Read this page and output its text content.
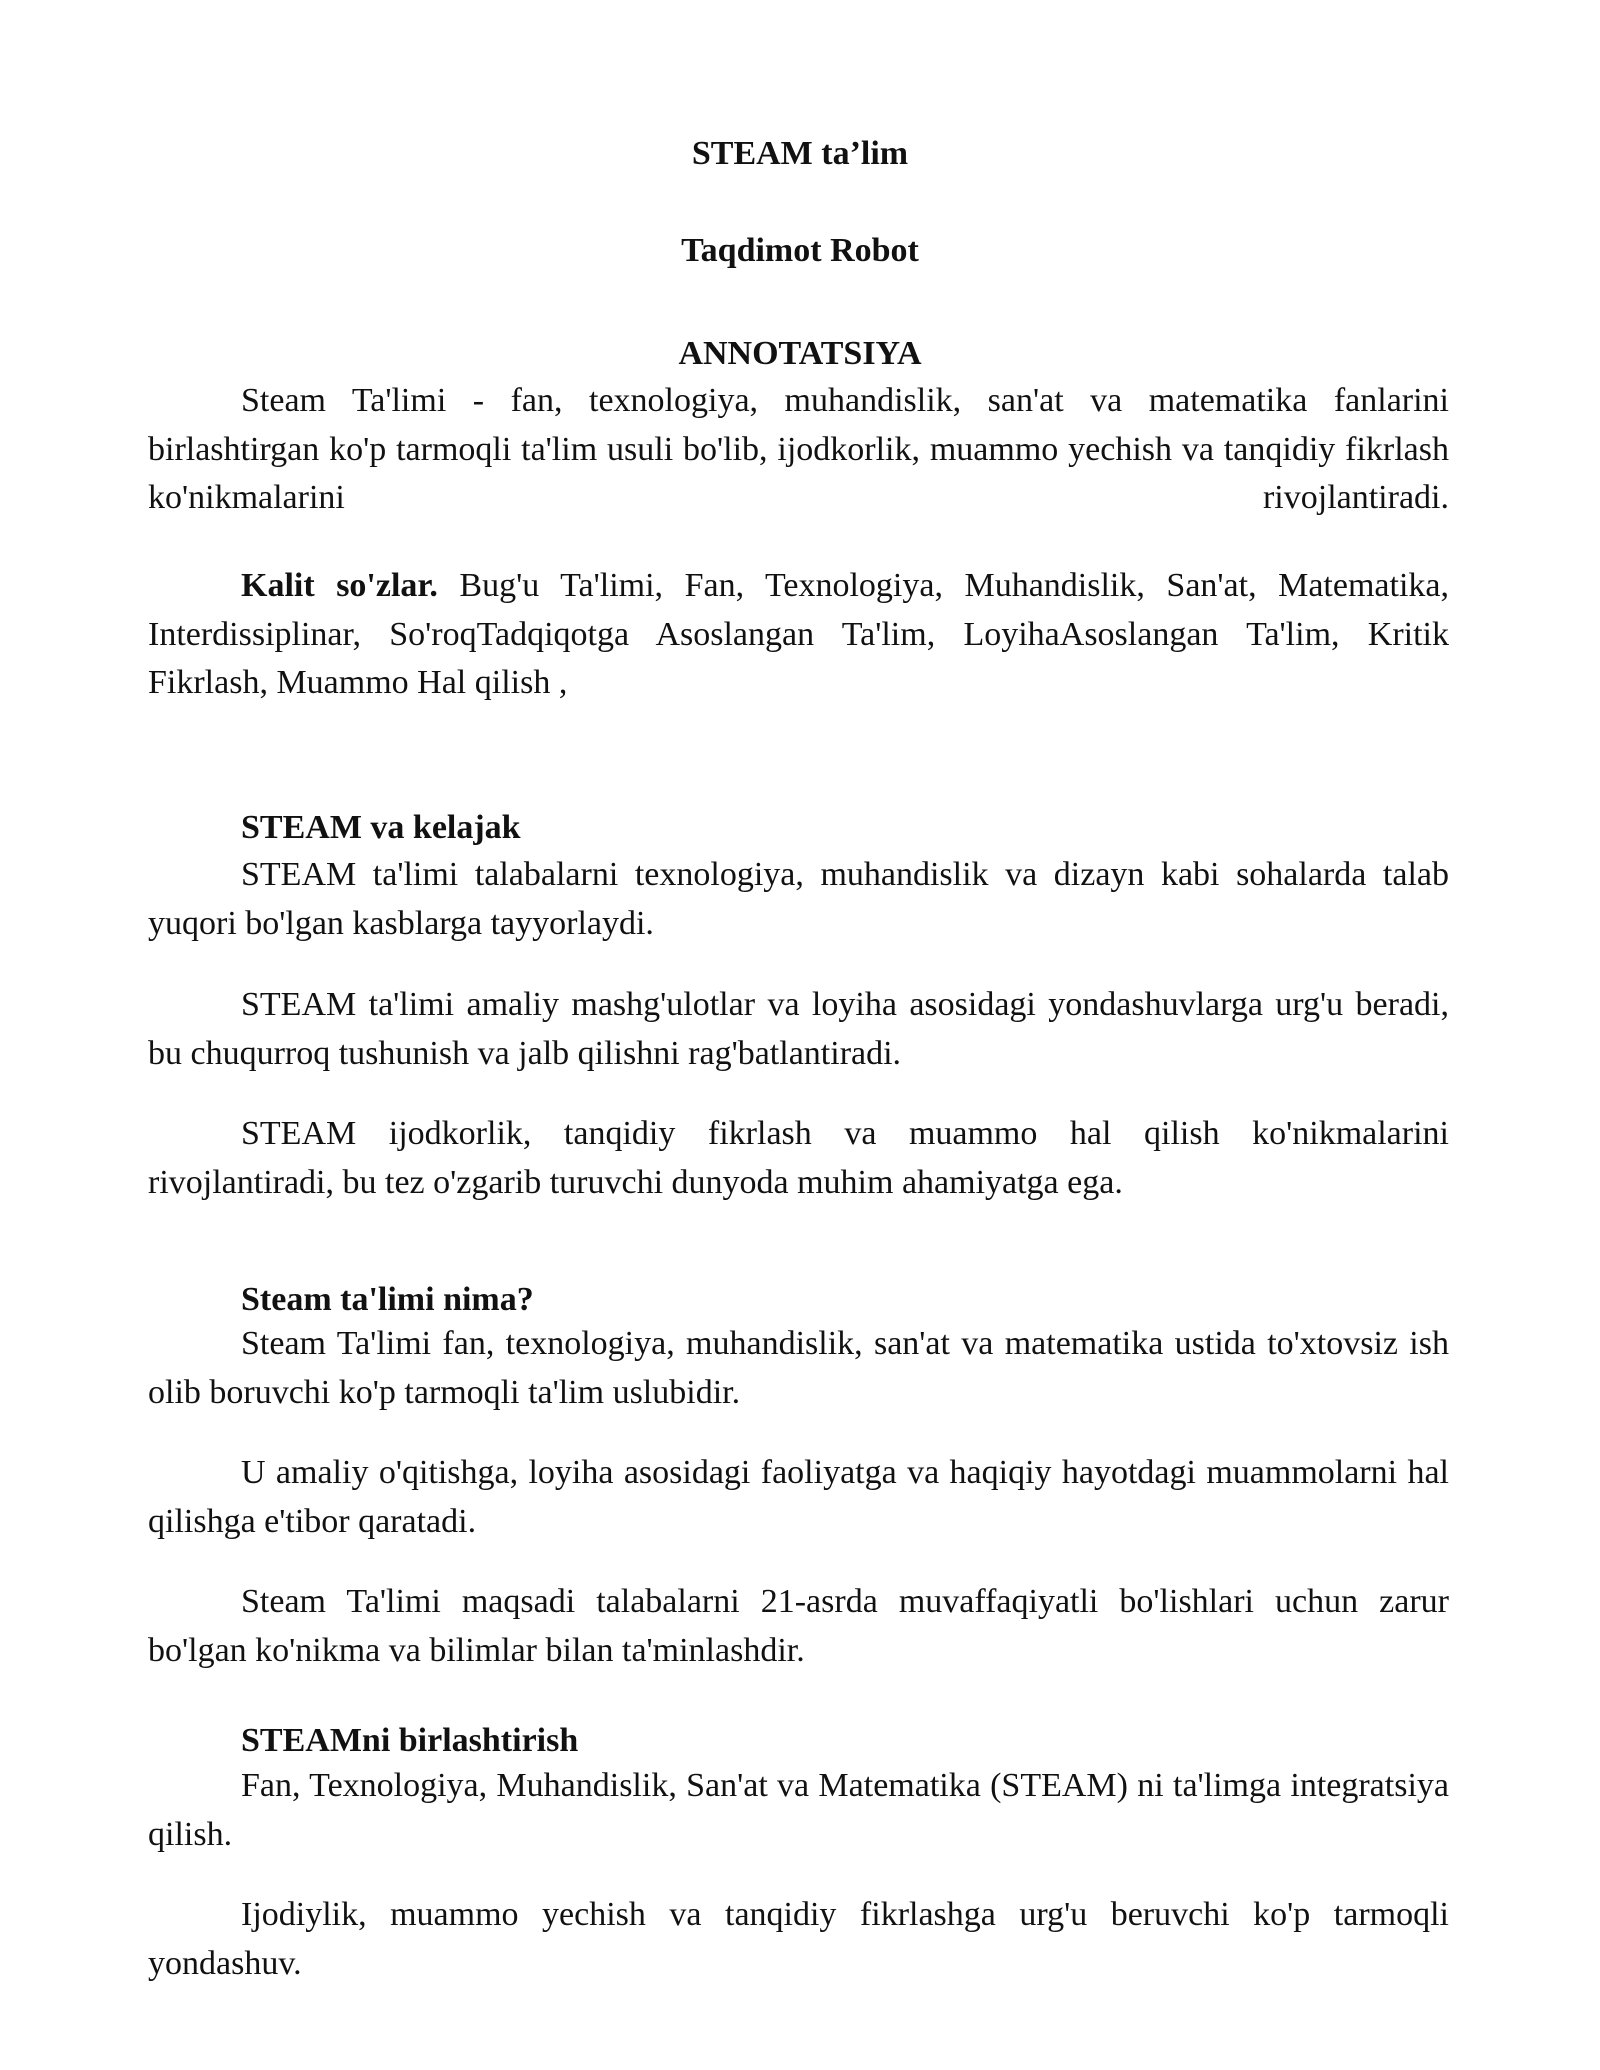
STEAM ta’lim
Taqdimot Robot
ANNOTATSIYA

Steam Ta'limi - fan, texnologiya, muhandislik, san'at va matematika fanlarini birlashtirgan ko'p tarmoqli ta'lim usuli bo'lib, ijodkorlik, muammo yechish va tanqidiy fikrlash ko'nikmalarini rivojlantiradi.

Kalit so'zlar. Bug'u Ta'limi, Fan, Texnologiya, Muhandislik, San'at, Matematika, Interdissiplinar, So'roqTadqiqotga Asoslangan Ta'lim, LoyihaAsoslangan Ta'lim, Kritik Fikrlash, Muammo Hal qilish ,

STEAM va kelajak

STEAM ta'limi talabalarni texnologiya, muhandislik va dizayn kabi sohalarda talab yuqori bo'lgan kasblarga tayyorlaydi.

STEAM ta'limi amaliy mashg'ulotlar va loyiha asosidagi yondashuvlarga urg'u beradi, bu chuqurroq tushunish va jalb qilishni rag'batlantiradi.

STEAM ijodkorlik, tanqidiy fikrlash va muammo hal qilish ko'nikmalarini rivojlantiradi, bu tez o'zgarib turuvchi dunyoda muhim ahamiyatga ega.

Steam ta'limi nima?

Steam Ta'limi fan, texnologiya, muhandislik, san'at va matematika ustida to'xtovsiz ish olib boruvchi ko'p tarmoqli ta'lim uslubidir.

U amaliy o'qitishga, loyiha asosidagi faoliyatga va haqiqiy hayotdagi muammolarni hal qilishga e'tibor qaratadi.

Steam Ta'limi maqsadi talabalarni 21-asrda muvaffaqiyatli bo'lishlari uchun zarur bo'lgan ko'nikma va bilimlar bilan ta'minlashdir.

STEAMni birlashtirish

Fan, Texnologiya, Muhandislik, San'at va Matematika (STEAM) ni ta'limga integratsiya qilish.

Ijodiylik, muammo yechish va tanqidiy fikrlashga urg'u beruvchi ko'p tarmoqli yondashuv.
